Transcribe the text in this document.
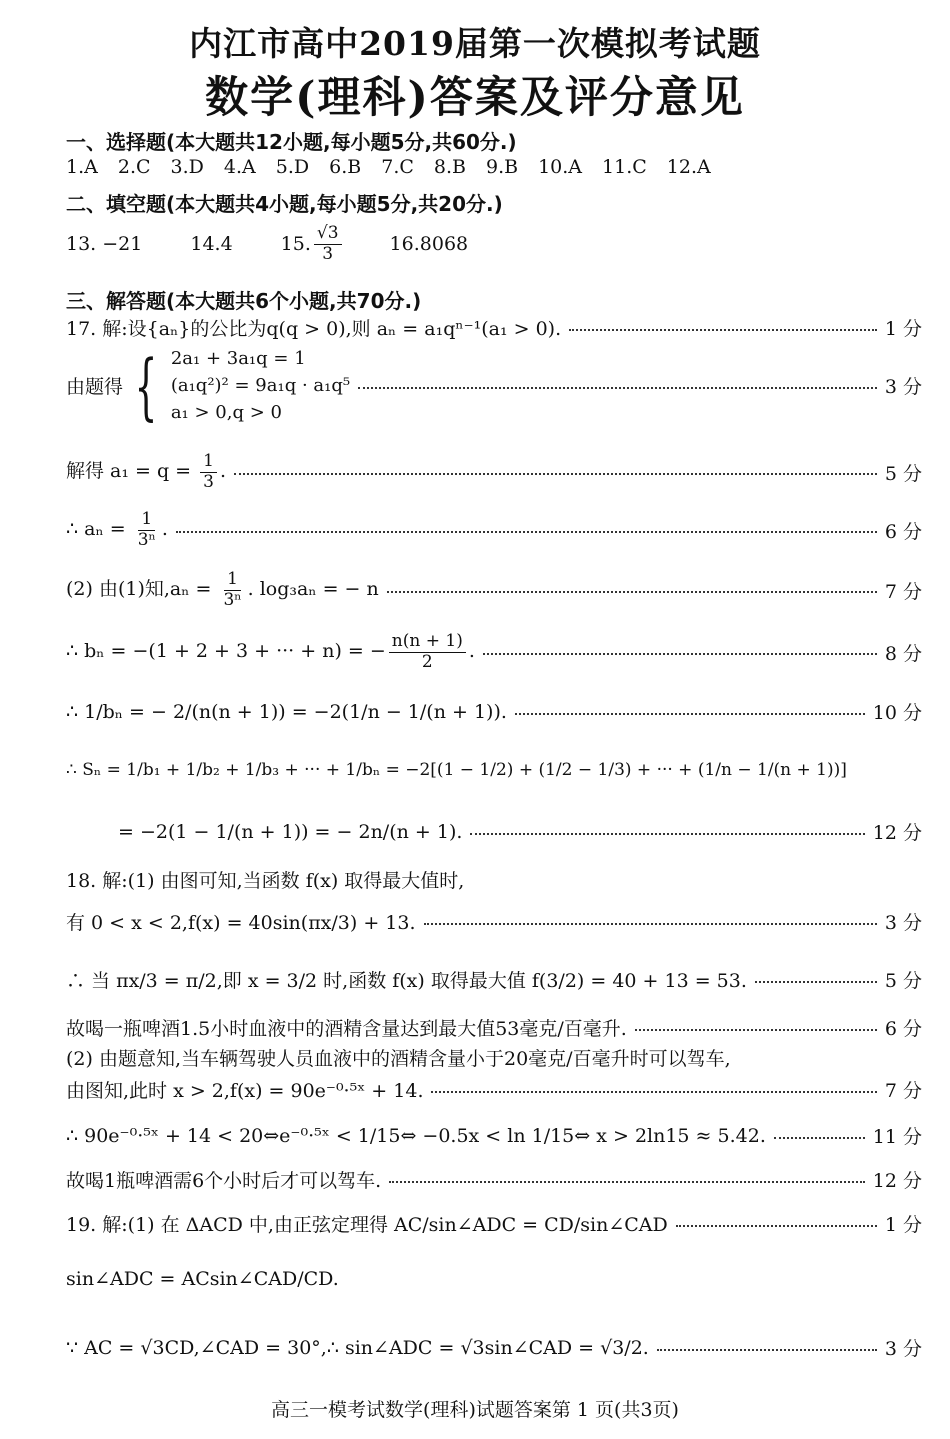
内江市高中2019届第一次模拟考试题
数学(理科)答案及评分意见
一、选择题(本大题共12小题,每小题5分,共60分.)
1.A 2.C 3.D 4.A 5.D 6.B 7.C 8.B 9.B 10.A 11.C 12.A
二、填空题(本大题共4小题,每小题5分,共20分.)
13. −21	14.4	15. $\frac{√3}{3}$	16.8068
三、解答题(本大题共6个小题,共70分.)
17. 解:设{aₙ}的公比为q(q > 0),则 aₙ = a₁qⁿ⁻¹(a₁ > 0).	1 分
由题得 { 2a₁ + 3a₁q = 1
(a₁q²)² = 9a₁q · a₁q⁵
a₁ > 0,q > 0
3 分
解得 $a_1 = q = \frac{1}{3}$ .	5 分
∴ $a_n = \frac{1}{\text{3ⁿ}}$ .	6 分
(2) 由(1)知$,a_n = \frac{1}{\text{3ⁿ}}$ . log₃aₙ = − n	7 分
∴ bₙ = −(1 + 2 + 3 + ··· + n) = − $\frac{n(n + 1)}{2}$ .	8 分
∴ 1/bₙ = − 2/(n(n + 1)) = −2(1/n − 1/(n + 1)).	10 分
∴ Sₙ = 1/b₁ + 1/b₂ + 1/b₃ + ··· + 1/bₙ = −2[(1 − 1/2) + (1/2 − 1/3) + ··· + (1/n − 1/(n + 1))]
= −2(1 − 1/(n + 1)) = − 2n/(n + 1).	12 分
18. 解:(1) 由图可知,当函数 f(x) 取得最大值时,
有 0 < x < 2,f(x) = 40sin(πx/3) + 13.	3 分
∴ 当 πx/3 = π/2,即 x = 3/2 时,函数 f(x) 取得最大值 f(3/2) = 40 + 13 = 53.	5 分
故喝一瓶啤酒1.5小时血液中的酒精含量达到最大值53毫克/百毫升.	6 分
(2) 由题意知,当车辆驾驶人员血液中的酒精含量小于20毫克/百毫升时可以驾车,
由图知,此时 x > 2,f(x) = 90e⁻⁰·⁵ˣ + 14.	7 分
∴ 90e⁻⁰·⁵ˣ + 14 < 20⇔e⁻⁰·⁵ˣ < 1/15⇔ −0.5x < ln 1/15⇔ x > 2ln15 ≈ 5.42.	11 分
故喝1瓶啤酒需6个小时后才可以驾车.	12 分
19. 解:(1) 在 ΔACD 中,由正弦定理得 AC/sin∠ADC = CD/sin∠CAD	1 分
sin∠ADC = ACsin∠CAD/CD.
∵ AC = √3CD,∠CAD = 30°,∴ sin∠ADC = √3sin∠CAD = √3/2.	3 分
高三一模考试数学(理科)试题答案第 1 页(共3页)
